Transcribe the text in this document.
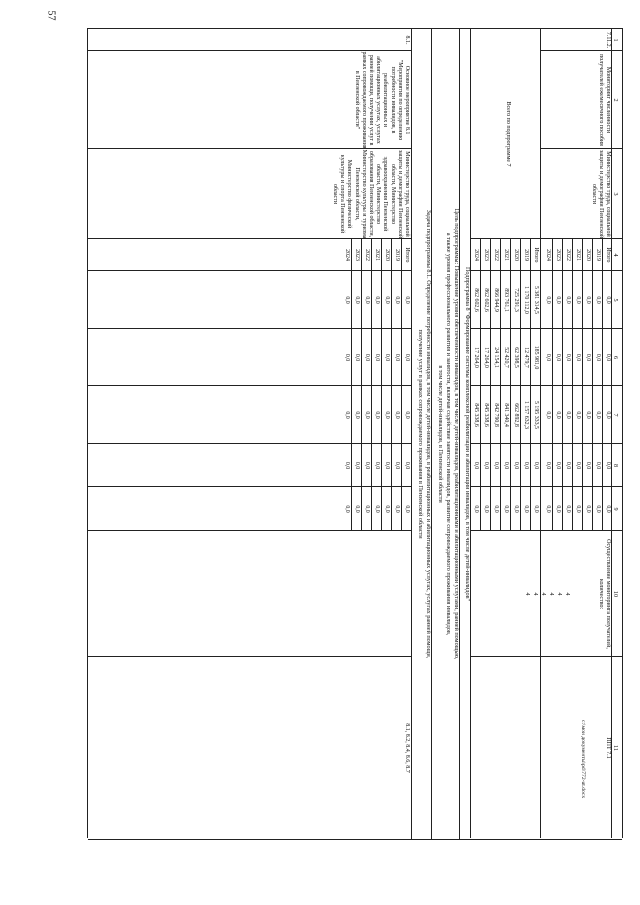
57
c:\мои документы\pd\772-ut.docx
1
2
3
4
5
6
7
8
9
10
11
7.11.2.
Мониторинг численности получателей ежемесячного пособия
Министерство труда, социальной защиты и демографии Пензенской области
ППТ 7.1
Итого
2019
2020
2021
2022
2023
2024
0,0
0,0
0,0
0,0
0,0
0,0
0,0
0,0
0,0
0,0
0,0
0,0
0,0
0,0
0,0
0,0
0,0
0,0
0,0
0,0
0,0
0,0
0,0
0,0
0,0
0,0
0,0
0,0
0,0
0,0
0,0
0,0
0,0
0,0
0,0
Осуществление мониторинга получателей, количество:
4
4
4
4
4
4
Всего по подпрограмме 7
Итого
2019
2020
2021
2022
2023
2024
5 381 314,5
1 170 112,0
725 291,3
893 761,1
866 944,9
862 602,6
862 602,6
185 981,0
12 479,7
62 398,5
52 420,7
24 154,1
17 264,0
17 264,0
5 195 333,5
1 157 632,3
662 892,8
841 340,4
842 790,8
845 338,6
845 338,6
0,0
0,0
0,0
0,0
0,0
0,0
0,0
0,0
0,0
0,0
0,0
0,0
0,0
0,0
Подпрограмма 8 "Формирование системы комплексной реабилитации и абилитации инвалидов, в том числе детей-инвалидов"
Цель подпрограммы: Повышение уровня обеспеченности инвалидов, в том числе детей-инвалидов, реабилитационными и абилитационными услугами, ранней помощью,
а также уровня профессионального развития и занятости, включая содействие занятости инвалидов, развитие сопровождаемого проживания инвалидов,
в том числе детей-инвалидов, в Пензенской области
Задача подпрограммы 8.1. Определение потребности инвалидов, в том числе детей-инвалидов, в реабилитационных и абилитационных услугах, услугах ранней помощи,
получение услуг в рамках сопровождаемого проживания в Пензенской области
8.1.
Основное мероприятие 8.1 "Мероприятия по определению потребности инвалидов, в реабилитационных и абилитационных услугах, услугах ранней помощи, получении услуг в рамках сопровождаемого проживания в Пензенской области"
Министерство труда, социальной защиты и демографии Пензенской области, Министерство здравоохранения Пензенской области, Министерство образования Пензенской области, Министерство культуры и туризма Пензенской области, Министерство физической культуры и спорта Пензенской области
8.1, 8.2, 8.4, 8.6, 8.7
Итого
2019
2020
2021
2022
2023
2024
0,0
0,0
0,0
0,0
0,0
0,0
0,0
0,0
0,0
0,0
0,0
0,0
0,0
0,0
0,0
0,0
0,0
0,0
0,0
0,0
0,0
0,0
0,0
0,0
0,0
0,0
0,0
0,0
0,0
0,0
0,0
0,0
0,0
0,0
0,0
